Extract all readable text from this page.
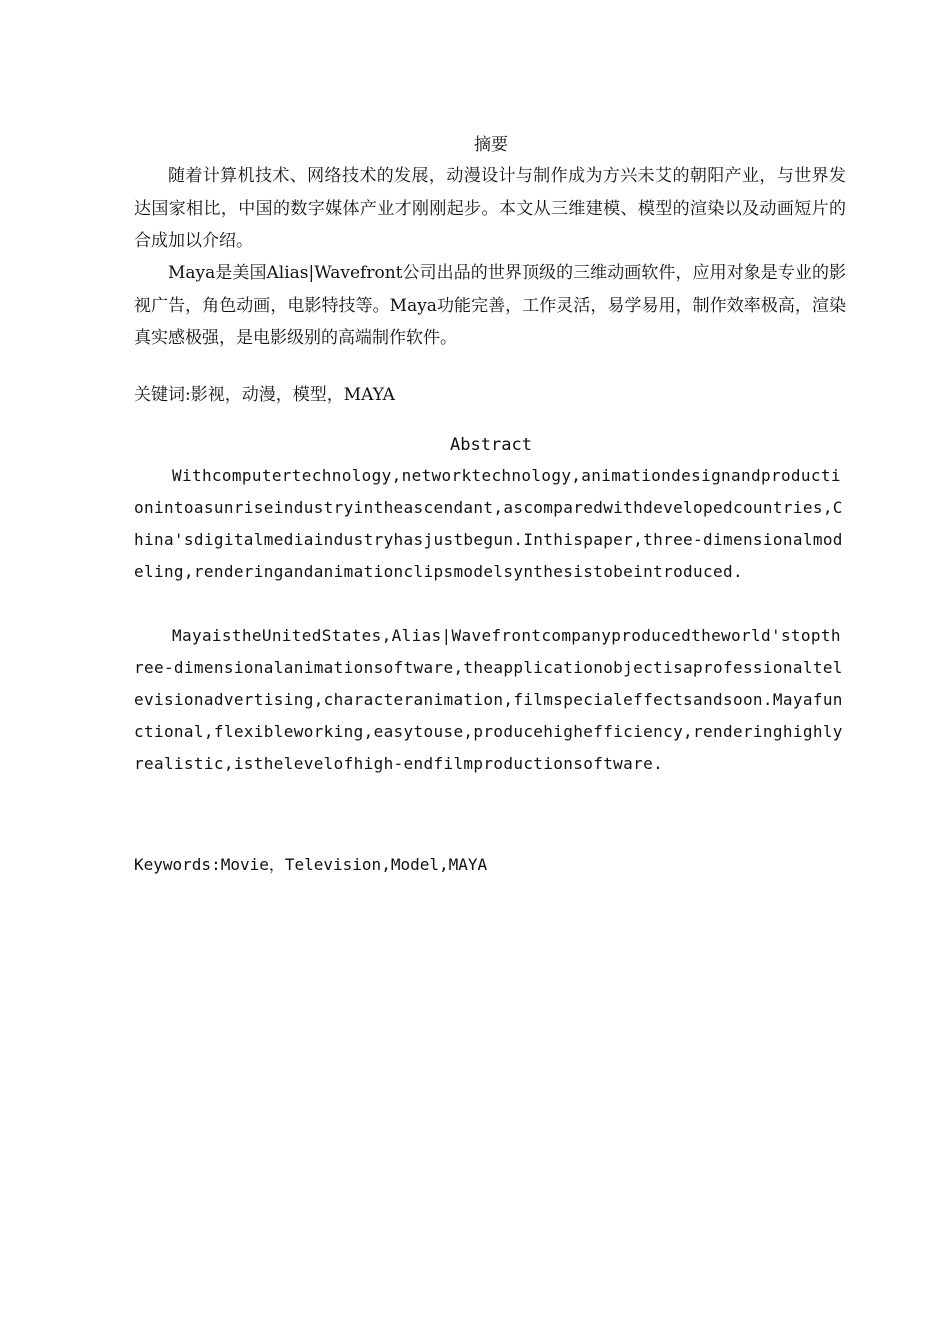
摘要

随着计算机技术、网络技术的发展，动漫设计与制作成为方兴未艾的朝阳产业，与世界发达国家相比，中国的数字媒体产业才刚刚起步。本文从三维建模、模型的渲染以及动画短片的合成加以介绍。

Maya是美国Alias|Wavefront公司出品的世界顶级的三维动画软件，应用对象是专业的影视广告，角色动画，电影特技等。Maya功能完善，工作灵活，易学易用，制作效率极高，渲染真实感极强，是电影级别的高端制作软件。

关键词:影视，动漫，模型，MAYA

Abstract

Withcomputertechnology,networktechnology,animationdesignandproductionintoasunriseindustryintheascendant,ascomparedwithdevelopedcountries,China'sdigitalmediaindustryhasjustbegun.Inthispaper,three-dimensionalmodeling,renderingandanimationclipsmodelsynthesistobeintroduced.

MayaistheUnitedStates,Alias|Wavefrontcompanyproducedtheworld'stopthree-dimensionalanimationsoftware,theapplicationobjectisaprofessionaltelevisionadvertising,characteranimation,filmspecialeffectsandsoon.Mayafunctional,flexibleworking,easytouse,producehighefficiency,renderinghighlyrealistic,isthelevelofhigh-endfilmproductionsoftware.

Keywords:Movie，Television,Model,MAYA
